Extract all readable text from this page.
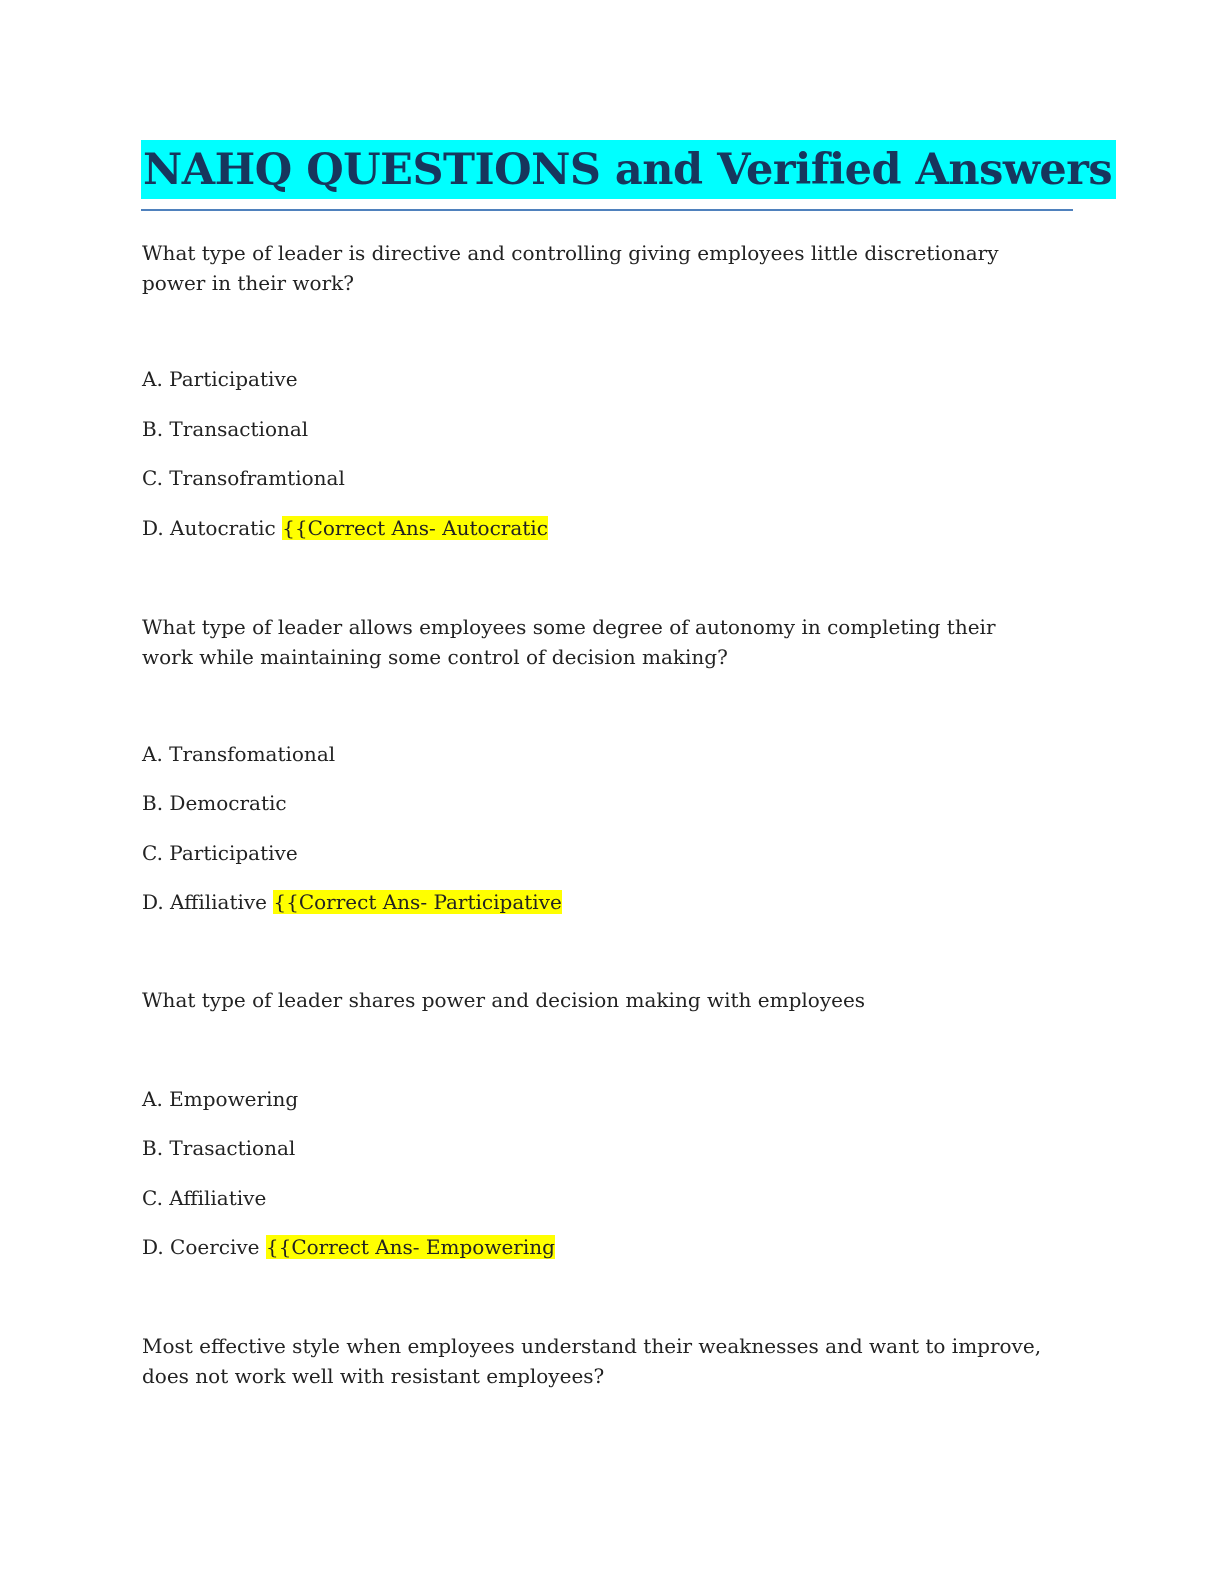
NAHQ QUESTIONS and Verified Answers
What type of leader is directive and controlling giving employees little discretionary power in their work?
A. Participative
B. Transactional
C. Transoframtional
D. Autocratic {{Correct Ans- Autocratic
What type of leader allows employees some degree of autonomy in completing their work while maintaining some control of decision making?
A. Transfomational
B. Democratic
C. Participative
D. Affiliative {{Correct Ans- Participative
What type of leader shares power and decision making with employees
A. Empowering
B. Trasactional
C. Affiliative
D. Coercive {{Correct Ans- Empowering
Most effective style when employees understand their weaknesses and want to improve, does not work well with resistant employees?
